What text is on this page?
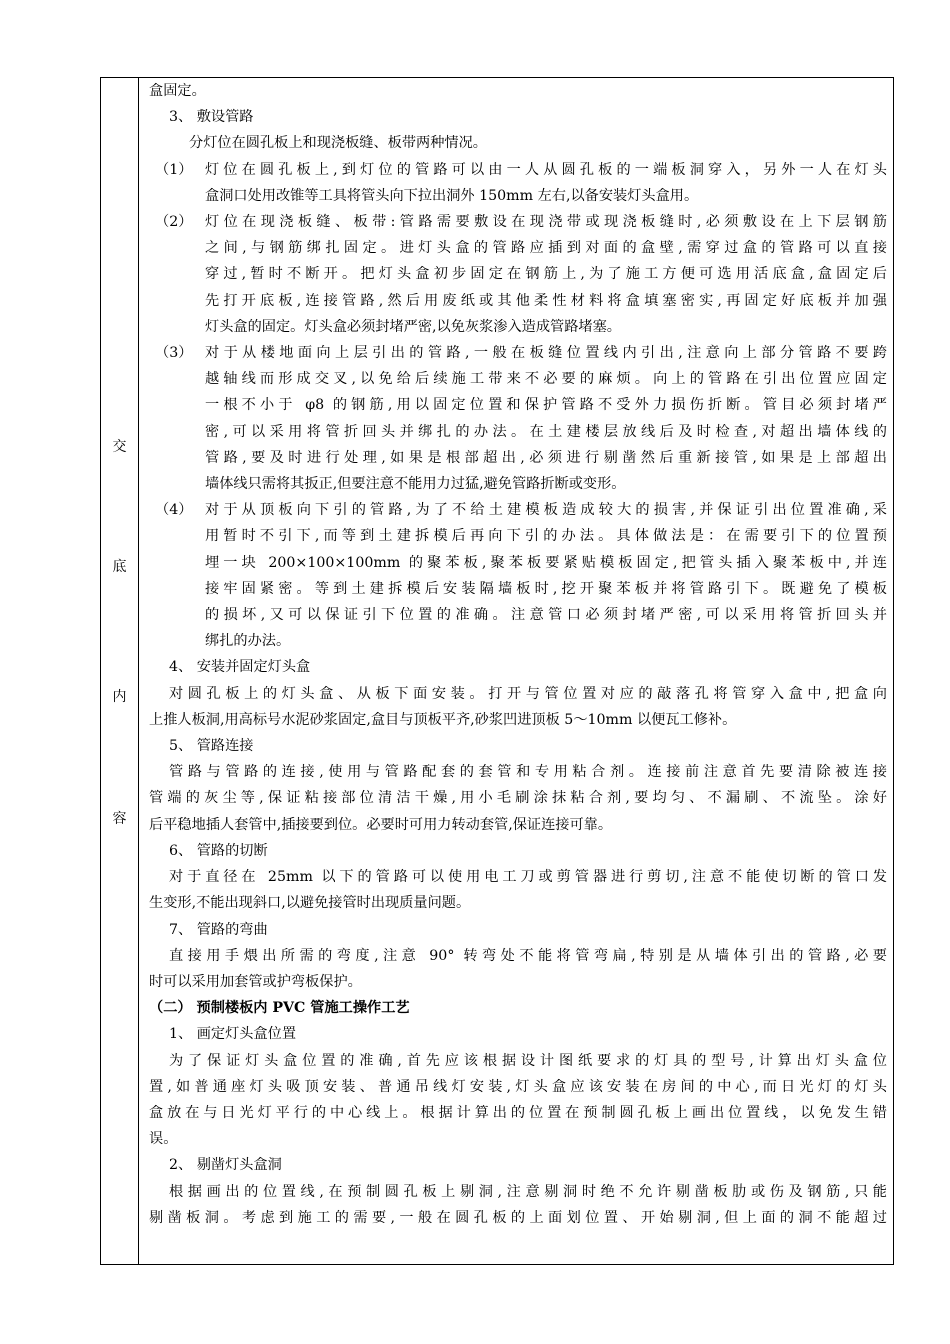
交
底
内
容
盒固定。
3、 敷设管路
分灯位在圆孔板上和现浇板缝、板带两种情况。
（1） 灯位在圆孔板上,到灯位的管路可以由一人从圆孔板的一端板洞穿入，另外一人在灯头
盒洞口处用改锥等工具将管头向下拉出洞外 150mm 左右,以备安装灯头盒用。
（2） 灯位在现浇板缝、板带:管路需要敷设在现浇带或现浇板缝时,必须敷设在上下层钢筋
之间,与钢筋绑扎固定。进灯头盒的管路应插到对面的盒壁,需穿过盒的管路可以直接
穿过,暂时不断开。把灯头盒初步固定在钢筋上,为了施工方便可选用活底盒,盒固定后
先打开底板,连接管路,然后用废纸或其他柔性材料将盒填塞密实,再固定好底板并加强
灯头盒的固定。灯头盒必须封堵严密,以免灰浆渗入造成管路堵塞。
（3） 对于从楼地面向上层引出的管路,一般在板缝位置线内引出,注意向上部分管路不要跨
越轴线而形成交叉,以免给后续施工带来不必要的麻烦。向上的管路在引出位置应固定
一根不小于 φ8 的钢筋,用以固定位置和保护管路不受外力损伤折断。管目必须封堵严
密,可以采用将管折回头并绑扎的办法。在土建楼层放线后及时检查,对超出墙体线的
管路,要及时进行处理,如果是根部超出,必须进行剔凿然后重新接管,如果是上部超出
墙体线只需将其扳正,但要注意不能用力过猛,避免管路折断或变形。
（4） 对于从顶板向下引的管路,为了不给土建模板造成较大的损害,并保证引出位置准确,采
用暂时不引下,而等到土建拆模后再向下引的办法。具体做法是：在需要引下的位置预
埋一块 200×100×100mm 的聚苯板,聚苯板要紧贴模板固定,把管头插入聚苯板中,并连
接牢固紧密。等到土建拆模后安装隔墙板时,挖开聚苯板并将管路引下。既避免了模板
的损坏,又可以保证引下位置的准确。注意管口必须封堵严密,可以采用将管折回头并
绑扎的办法。
4、 安装并固定灯头盒
对圆孔板上的灯头盒、从板下面安装。打开与管位置对应的敲落孔将管穿入盒中,把盒向
上推人板洞,用高标号水泥砂浆固定,盒目与顶板平齐,砂浆凹进顶板 5～10mm 以便瓦工修补。
5、 管路连接
管路与管路的连接,使用与管路配套的套管和专用粘合剂。连接前注意首先要清除被连接
管端的灰尘等,保证粘接部位清洁干燥,用小毛刷涂抹粘合剂,要均匀、不漏刷、不流坠。涂好
后平稳地插人套管中,插接要到位。必要时可用力转动套管,保证连接可靠。
6、 管路的切断
对于直径在 25mm 以下的管路可以使用电工刀或剪管器进行剪切,注意不能使切断的管口发
生变形,不能出现斜口,以避免接管时出现质量问题。
7、 管路的弯曲
直接用手煨出所需的弯度,注意 90° 转弯处不能将管弯扁,特别是从墙体引出的管路,必要
时可以采用加套管或护弯板保护。
（二） 预制楼板内 PVC 管施工操作工艺
1、 画定灯头盒位置
为了保证灯头盒位置的准确,首先应该根据设计图纸要求的灯具的型号,计算出灯头盒位
置,如普通座灯头吸顶安装、普通吊线灯安装,灯头盒应该安装在房间的中心,而日光灯的灯头
盒放在与日光灯平行的中心线上。根据计算出的位置在预制圆孔板上画出位置线，以免发生错
误。
2、 剔凿灯头盒洞
根据画出的位置线,在预制圆孔板上剔洞,注意剔洞时绝不允许剔凿板肋或伤及钢筋,只能
剔凿板洞。考虑到施工的需要,一般在圆孔板的上面划位置、开始剔洞,但上面的洞不能超过
